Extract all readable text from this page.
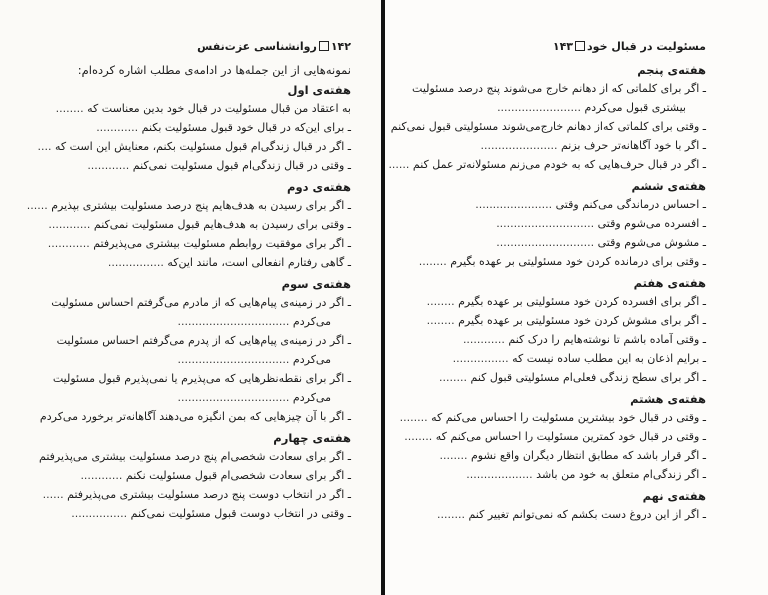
۱۴۲روانشناسی عزت‌نفس
نمونه‌هایی از این جمله‌ها در ادامه‌ی مطلب اشاره کرده‌ام:
هفته‌ی اول
به اعتقاد من قبال مسئولیت در قبال خود بدین معناست که ........
ـ برای این‌که در قبال خود قبول مسئولیت بکنم ............
ـ اگر در قبال زندگی‌ام قبول مسئولیت بکنم، معنایش این است که ....
ـ وقتی در قبال زندگی‌ام قبول مسئولیت نمی‌کنم ............
هفته‌ی دوم
ـ اگر برای رسیدن به هدف‌هایم پنج درصد مسئولیت بیشتری بپذیرم ......
ـ وقتی برای رسیدن به هدف‌هایم قبول مسئولیت نمی‌کنم ............
ـ اگر برای موفقیت روابطم مسئولیت بیشتری می‌پذیرفتم ............
ـ گاهی رفتارم انفعالی است، مانند این‌که ................
هفته‌ی سوم
ـ اگر در زمینه‌ی پیام‌هایی که از مادرم می‌گرفتم احساس مسئولیت
می‌کردم ................................
ـ اگر در زمینه‌ی پیام‌هایی که از پدرم می‌گرفتم احساس مسئولیت
می‌کردم ................................
ـ اگر برای نقطه‌نظرهایی که می‌پذیرم یا نمی‌پذیرم قبول مسئولیت
می‌کردم ................................
ـ اگر با آن چیزهایی که بمن انگیزه می‌دهند آگاهانه‌تر برخورد می‌کردم
هفته‌ی چهارم
ـ اگر برای سعادت شخصی‌ام پنج درصد مسئولیت بیشتری می‌پذیرفتم
ـ اگر برای سعادت شخصی‌ام قبول مسئولیت نکنم ............
ـ اگر در انتخاب دوست پنج درصد مسئولیت بیشتری می‌پذیرفتم ......
ـ وقتی در انتخاب دوست قبول مسئولیت نمی‌کنم ................
مسئولیت در قبال خود۱۴۳
هفته‌ی پنجم
ـ اگر برای کلماتی که از دهانم خارج می‌شوند پنج درصد مسئولیت
بیشتری قبول می‌کردم ........................
ـ وقتی برای کلماتی که‌از دهانم خارج‌می‌شوند مسئولیتی قبول نمی‌کنم
ـ اگر با خود آگاهانه‌تر حرف بزنم ......................
ـ اگر در قبال حرف‌هایی که به خودم می‌زنم مسئولانه‌تر عمل کنم ......
هفته‌ی ششم
ـ احساس درماندگی می‌کنم وقتی ......................
ـ افسرده می‌شوم وقتی ............................
ـ مشوش می‌شوم وقتی ............................
ـ وقتی برای درمانده کردن خود مسئولیتی بر عهده بگیرم ........
هفته‌ی هفتم
ـ اگر برای افسرده کردن خود مسئولیتی بر عهده بگیرم ........
ـ اگر برای مشوش کردن خود مسئولیتی بر عهده بگیرم ........
ـ وقتی آماده باشم تا نوشته‌هایم را درک کنم ............
ـ برایم اذعان به این مطلب ساده نیست که ................
ـ اگر برای سطح زندگی فعلی‌ام مسئولیتی قبول کنم ........
هفته‌ی هشتم
ـ وقتی در قبال خود بیشترین مسئولیت را احساس می‌کنم که ........
ـ وقتی در قبال خود کمترین مسئولیت را احساس می‌کنم که ........
ـ اگر قرار باشد که مطابق انتظار دیگران واقع نشوم ........
ـ اگر زندگی‌ام متعلق به خود من باشد ...................
هفته‌ی نهم
ـ اگر از این دروغ دست بکشم که نمی‌توانم تغییر کنم ........
